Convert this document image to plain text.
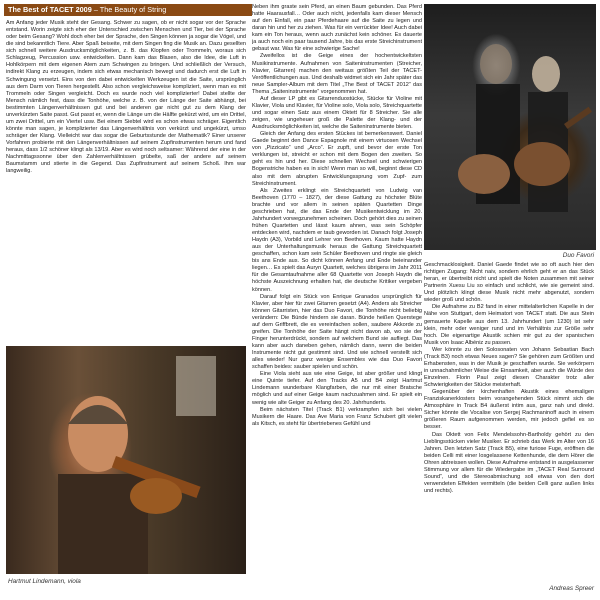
The Best of TACET 2009 – The Beauty of String

Am Anfang jeder Musik steht der Gesang. Schwer zu sagen, ob er nicht sogar vor der Sprache entstand. Worin zeigte sich eher der Unterschied zwischen Menschen und Tier, bei der Sprache oder beim Gesang? Wohl doch eher bei der Sprache, den Singen können ja sogar die Vögel, und die sind bekanntlich Tiere. Aber Spaß beiseite, mit dem Singen fing die Musik an. Dazu gesellten sich schnell weitere Ausdrucksmöglichkeiten, z. B. das Klopfen oder Trommeln, woraus sich Schlagzeug, Percussion usw. entwickelten. Dann kam das Blasen, also die Idee, die Luft in Hohlkörpern mit dem eigenen Atem zum Schwingen zu bringen. Und schließlich der Versuch, indirekt Klang zu erzeugen, indem sich etwas mechanisch bewegt und dadurch erst die Luft in Schwingung versetzt. Eins von den dabei entwickelten Werkzeugen ist die Saite, ursprünglich aus dem Darm von Tieren hergestellt. Also schon vergleichsweise kompliziert, wenn man es mit Trommeln oder Singen vergleicht. Doch es wurde noch viel komplizierter! Dabei stellte der Mensch nämlich fest, dass die Tonhöhe, welche z. B. von der Länge der Saite abhängt, bei bestimmten Längenverhältnissen gut und bei anderen gar nicht gut zu dem Klang der unverkürzten Saite passt. Gut passt er, wenn die Länge um die Hälfte gekürzt wird, um ein Drittel, um zwei Drittel, um ein Viertel usw. Bei einem Siebtel wird es schon etwas schräger. Eigentlich könnte man sagen, je komplizierter das Längenverhältnis von verkürzt und ungekürzt, umso schräger der Klang. Vielleicht war das sogar die Geburtsstunde der Mathematik? Einer unserer Vorfahren probierte mit den Längenverhältnissen auf seinem Zupfinstrumenten herum und fand heraus, dass 1/2 schöner klingt als 13/19. Aber es wird noch seltsamer: Während der eine in der Nachmittagssonne über den Zahlenverhältnissen grübelte, saß der andere auf seinem Baumstamm und stierte in die Gegend. Das Zupfinstrument auf seinem Schoß. Ihm war langweilig.

Neben ihm graste sein Pferd, an einen Baum gebunden. Das Pferd hatte Haarausfall… Oder auch nicht, jedenfalls kam dieser Mensch auf den Einfall, ein paar Pferdehaare auf die Saite zu legen und daran hin und her zu ziehen. Was für ein verrückter Idee! Auch dabei kam ein Ton heraus, wenn auch zunächst kein schöner. Es dauerte ja auch noch ein paar tausend Jahre, bis das erste Streichinstrument gebaut war. Was für eine schwierige Sache!

Zweifellos ist die Geige eines der hochentwickeltsten Musikinstrumente. Aufnahmen von Saiteninstrumenten (Streicher, Klavier, Gitarren) machen den weitaus größten Teil der TACET-Veröffentlichungen aus. Und deshalb widmet sich ein Jahr später das neue Sampler-Album mit dem Titel „The Best of TACET 2012“ das Thema „Saiteninstrumente“ vorgenommen hat.

Auf dieser LP gibt es Gitarrenduostücke, Stücke für Violine mit Klavier, Viola und Klavier, für Violine solo, Viola solo, Streichquartette und sogar einen Satz aus einem Oktett für 8 Streicher. Sie alle zeigen, wie ungeheuer groß die Palette der Klang- und der Ausdrucksmöglichkeiten ist, welche die Saiteninstrumente bieten.

Gleich der Anfang des ersten Stückes ist bemerkenswert. Daniel Gaede beginnt den Dance Espagnole mit einem virtuosen Wechsel von „Pizzicato“ und „Arco“. Er zupft, und bevor der erste Ton verklungen ist, streicht er schon mit dem Bogen den zweiten. So geht es hin und her. Diese schnellen Wechsel und schwierigen Bogenstriche haben es in sich! Wenn man so will, beginnt diese CD also mit dem abrupten Entwicklungssprung vom Zupf- zum Streichinstrument.

Als Zweites erklingt ein Streichquartett von Ludwig van Beethoven (1770 – 1827), der diese Gattung zu höchster Blüte brachte und vor allem in seinen späten Quartetten Dinge geschrieben hat, die das Ende der Musikentwicklung im 20. Jahrhundert vorwegzunehmen scheinen. Doch gehört dies zu seinen frühen Quartetten und lässt kaum ahnen, was sein Schöpfer entdecken wird, nachdem er taub geworden ist. Danach folgt Joseph Haydn (A3), Vorbild und Lehrer von Beethoven. Kaum hatte Haydn aus der Unterhaltungsmusik heraus die Gattung Streichquartett geschaffen, schon kam sein Schüler Beethoven und ringte sie gleich bis ans Ende aus. So dicht können Anfang und Ende beieinander liegen… Es spielt das Auryn Quartett, welches übrigens im Jahr 2011 für die Gesamtaufnahme aller 68 Quartette von Joseph Haydn die höchste Auszeichnung erhalten hat, die deutsche Kritiker vergeben können.

Darauf folgt ein Stück von Enrique Granados ursprünglich für Klavier, aber hier für zwei Gitarren gesetzt (A4). Anders als Streicher können Gitarristen, hier das Duo Favori, die Tonhöhe nicht beliebig verändern: Die Bünde hindern sie daran. Bünde heißen Querstege auf dem Griffbrett, die es vereinfachen sollen, saubere Akkorde zu greifen. Die Tonhöhe der Saite hängt nicht davon ab, wo sie der Finger herunterdrückt, sondern auf welchem Bund sie aufliegt. Das kann aber auch daneben gehen, nämlich dann, wenn die beiden Instrumente nicht gut gestimmt sind. Und wie schnell verstellt sich alles wieder! Nur ganz wenige Ensembles wie das Duo Favori schaffen beides: sauber spielen und schön.

Eine Viola sieht aus wie eine Geige, ist aber größer und klingt eine Quinte tiefer. Auf den Tracks A5 und B4 zeigt Hartmut Lindemann wunderbare Klangfarben, die nur mit einer Bratsche möglich und auf einer Geige kaum nachzuahmen sind. Er spielt ein wenig wie alte Geiger zu Anfang des 20. Jahrhunderts.

Beim nächsten Titel (Track B1) verkrampfen sich bei vielen Musikern die Haare. Das Ave Maria von Franz Schubert gilt vielen als Kitsch, es steht für übertriebenes Gefühl und

Duo Favori

Geschmacklosigkeit. Daniel Gaede findet wie so oft auch hier den richtigen Zugang: Nicht naiv, sondern ehrlich geht er an das Stück heran, er übertreibt nicht und spielt die Noten zusammen mit seiner Partnerin Xuesu Liu so einfach und schlicht, wie sie gemeint sind. Und plötzlich klingt diese Musik nicht mehr abgenutzt, sondern wieder groß und schön.

Die Aufnahme zu B2 fand in einer mittelalterlichen Kapelle in der Nähe von Stuttgart, dem Heimatort von TACET statt. Die aus Stein gemauerte Kapelle aus dem 13. Jahrhundert (um 1230) ist sehr klein, mehr oder weniger rund und im Verhältnis zur Größe sehr hoch. Die eigenartige Akustik schien mir gut zu der spanischen Musik von Isaac Albéniz zu passen.

Wer könnte zu den Solosonaten von Johann Sebastian Bach (Track B3) noch etwas Neues sagen? Sie gehören zum Größten und Erhabensten, was in der Musik je geschaffen wurde. Sie verkörpern in unnachahmlicher Weise die Einsamkeit, aber auch die Würde des Einzelnen. Florin Paul zeigt diesen Charakter trotz aller Schwierigkeiten der Stücke meisterhaft.

Gegenüber der kirchenhaften Akustik eines ehemaligen Franziskanerklosters beim vorangehenden Stück nimmt sich die Atmosphäre in Track B4 äußerst intim aus, ganz nah und direkt. Sicher könnte die Vocalise von Sergej Rachmaninoff auch in einem größeren Raum aufgenommen werden, mir jedoch gefiel es so besser.

Das Oktett von Felix Mendelssohn-Bartholdy gehört zu den Lieblingsstücken vieler Musiker. Er schrieb das Werk im Alter von 16 Jahren. Den letzten Satz (Track B5), eine furiose Fuge, eröffnen die beiden Celli mit einer losgelassene Kettenhunde, die dem Hörer die Ohren abtreissen wollen. Diese Aufnahme entstand in ausgelassener Stimmung vor allem für die Wiedergabe im „TACET Real Surround Sound“, und die Stereoabmischung soll etwas von den dort verwendeten Effekten vermitteln (die beiden Celli ganz außen links und rechts).

Hartmut Lindemann, viola
Andreas Spreer
